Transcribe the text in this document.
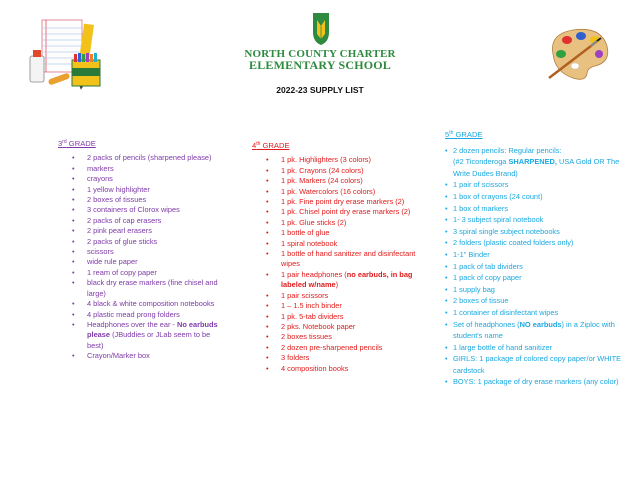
NORTH COUNTY CHARTER
ELEMENTARY SCHOOL
2022-23 SUPPLY LIST
3rd GRADE
• 2 packs of pencils (sharpened please)
• markers
• crayons
• 1 yellow highlighter
• 2 boxes of tissues
• 3 containers of Clorox wipes
• 2 packs of cap erasers
• 2 pink pearl erasers
• 2 packs of glue sticks
• scissors
• wide rule paper
• 1 ream of copy paper
• black dry erase markers (fine chisel and large)
• 4 black & white composition notebooks
• 4 plastic mead prong folders
• Headphones over the ear - No earbuds please (JBuddies or JLab seem to be best)
• Crayon/Marker box
4th GRADE
• 1 pk. Highlighters (3 colors)
• 1 pk. Crayons (24 colors)
• 1 pk. Markers (24 colors)
• 1 pk. Watercolors (16 colors)
• 1 pk. Fine point dry erase markers (2)
• 1 pk. Chisel point dry erase markers (2)
• 1 pk. Glue sticks (2)
• 1 bottle of glue
• 1 spiral notebook
• 1 bottle of hand sanitizer and disinfectant wipes
• 1 pair headphones (no earbuds, in bag labeled w/name)
• 1 pair scissors
• 1 – 1.5 inch binder
• 1 pk. 5-tab dividers
• 2 pks. Notebook paper
• 2 boxes tissues
• 2 dozen pre-sharpened pencils
• 3 folders
• 4 composition books
5th GRADE
• 2 dozen pencils: Regular pencils:
(#2 Ticonderoga SHARPENED, USA Gold OR The Write Dudes Brand)
• 1 pair of scissors
• 1 box of crayons (24 count)
• 1 box of markers
• 1- 3 subject spiral notebook
• 3 spiral single subject notebooks
• 2 folders (plastic coated folders only)
• 1-1" Binder
• 1 pack of tab dividers
• 1 pack of copy paper
• 1 supply bag
• 2 boxes of tissue
• 1 container of disinfectant wipes
• Set of headphones (NO earbuds) in a Ziploc with student's name
• 1 large bottle of hand sanitizer
• GIRLS: 1 package of colored copy paper/or WHITE cardstock
• BOYS: 1 package of dry erase markers (any color)
